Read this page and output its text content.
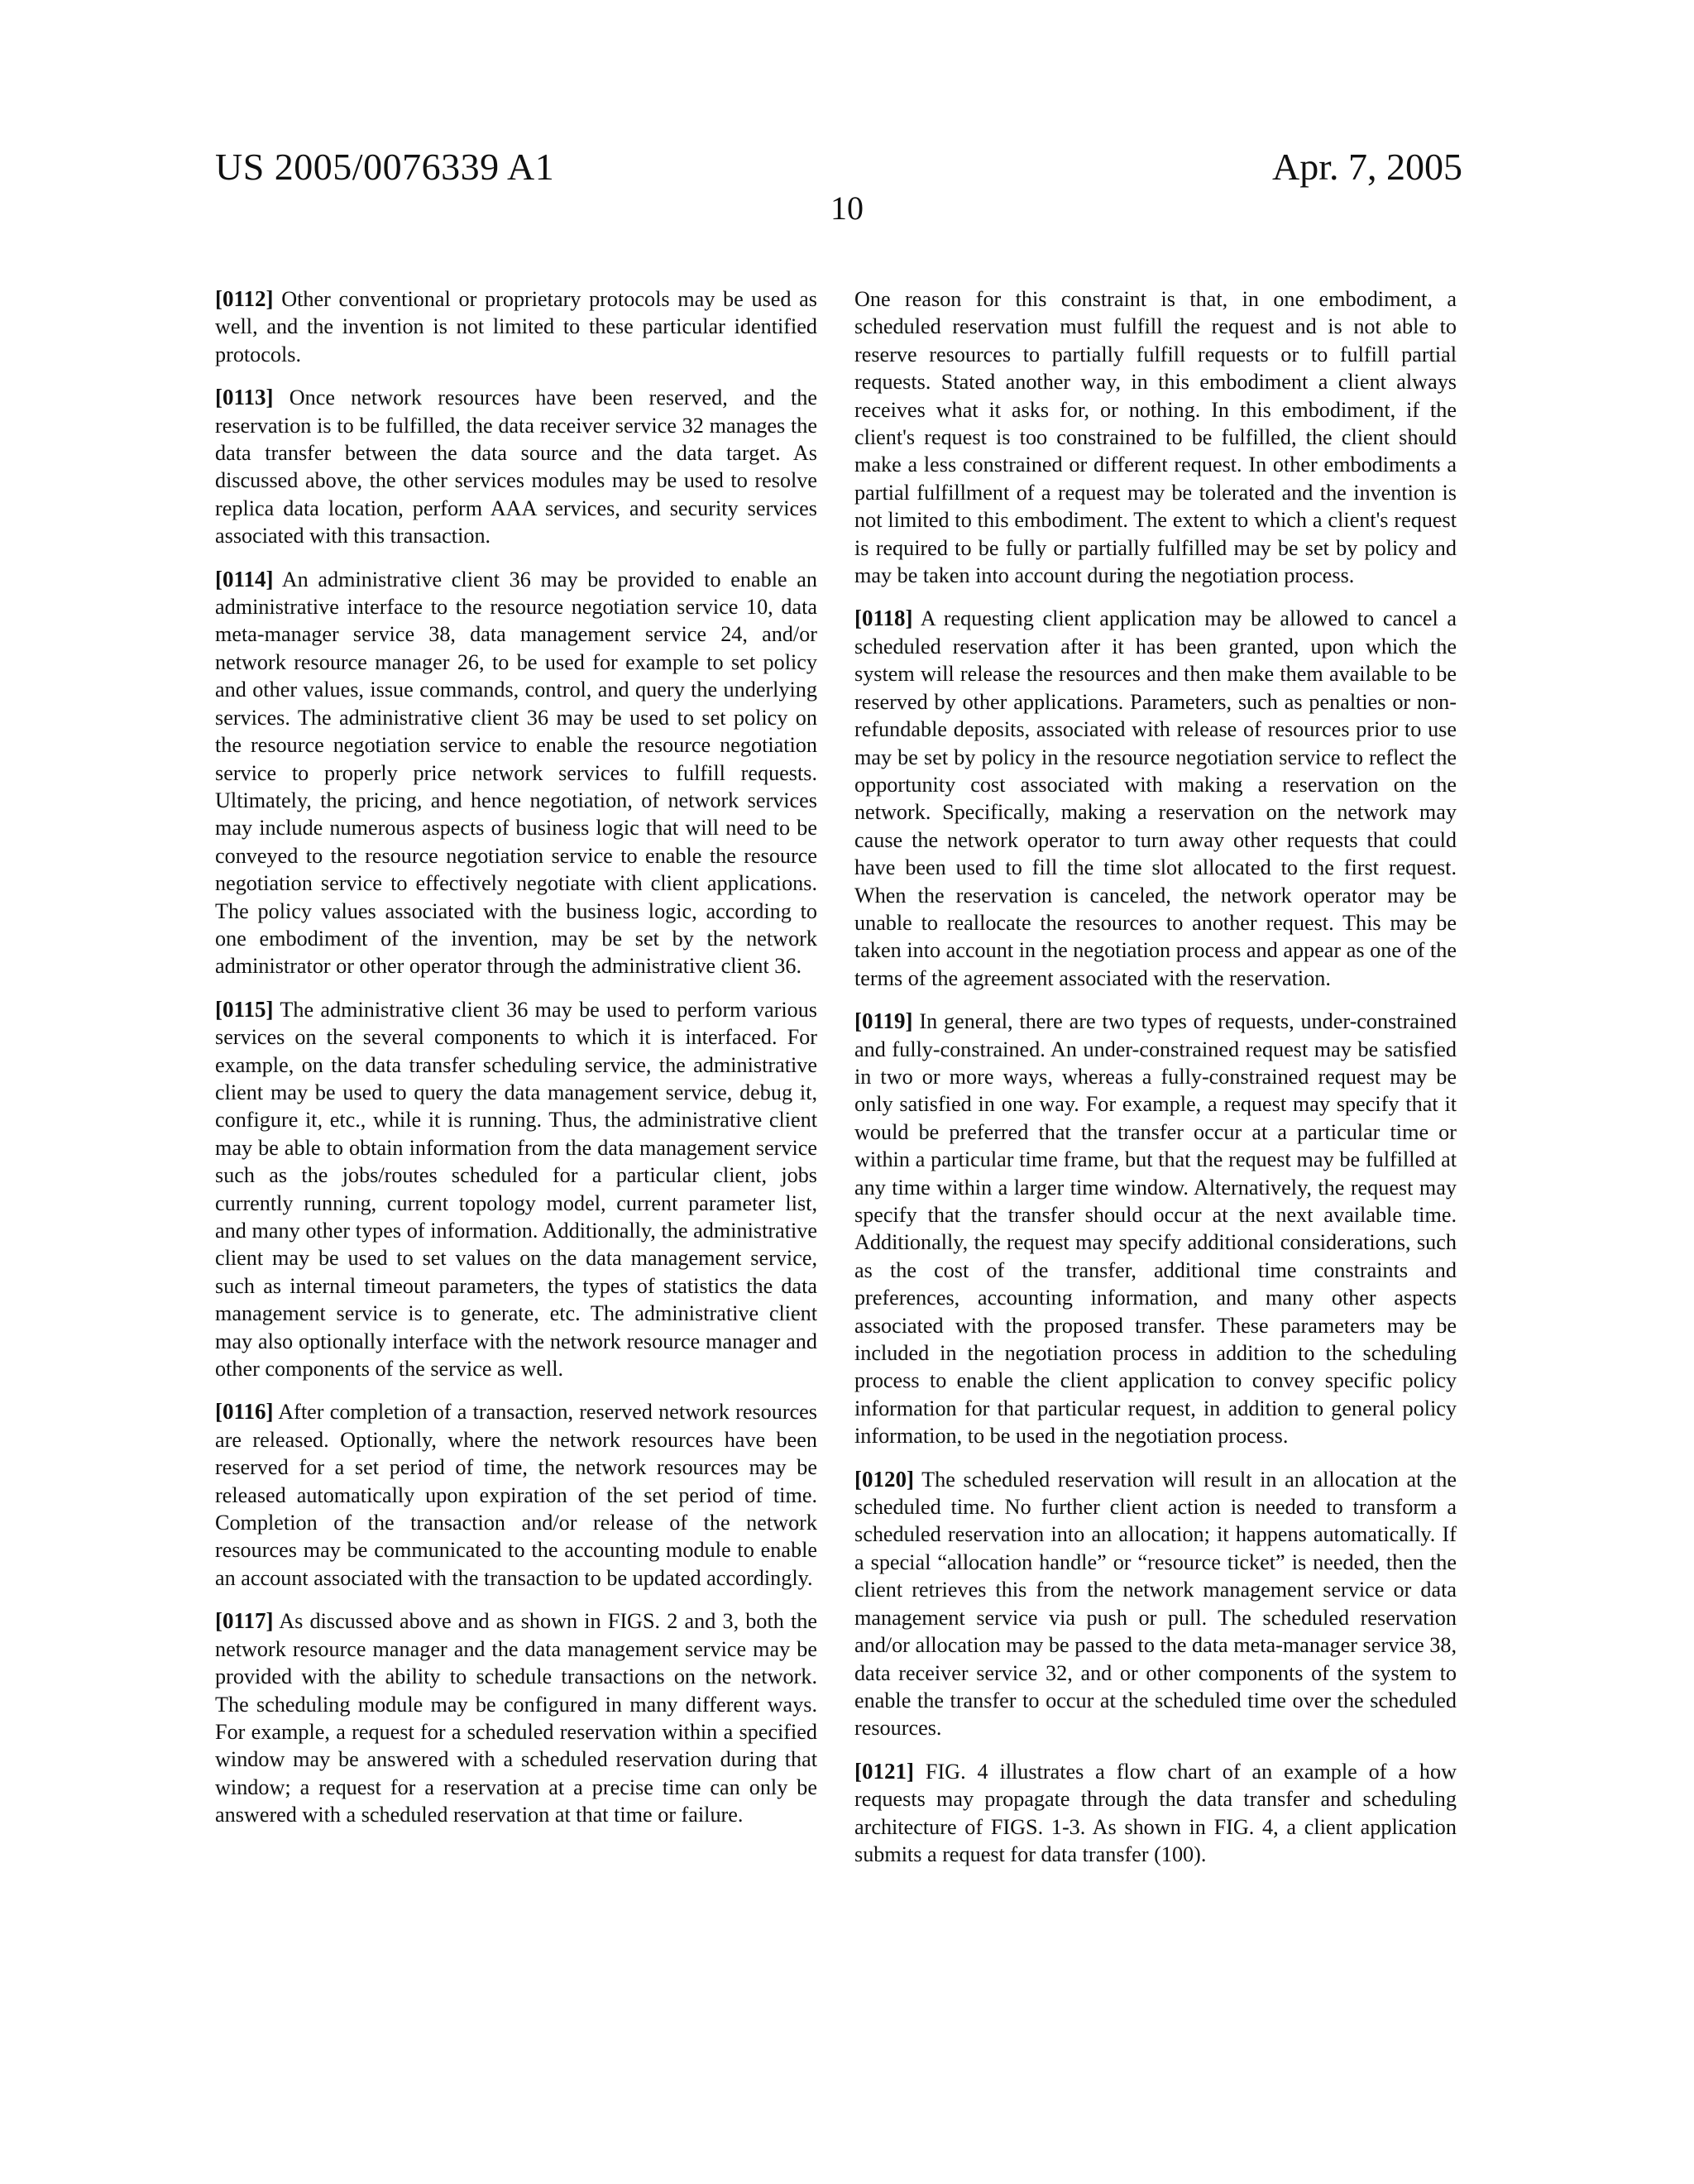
US 2005/0076339 A1	Apr. 7, 2005
10

[0112] Other conventional or proprietary protocols may be used as well, and the invention is not limited to these particular identified protocols.

[0113] Once network resources have been reserved, and the reservation is to be fulfilled, the data receiver service 32 manages the data transfer between the data source and the data target. As discussed above, the other services modules may be used to resolve replica data location, perform AAA services, and security services associated with this transaction.

[0114] An administrative client 36 may be provided to enable an administrative interface to the resource negotiation service 10, data meta-manager service 38, data management service 24, and/or network resource manager 26, to be used for example to set policy and other values, issue commands, control, and query the underlying services. The administrative client 36 may be used to set policy on the resource negotiation service to enable the resource negotiation service to properly price network services to fulfill requests. Ultimately, the pricing, and hence negotiation, of network services may include numerous aspects of business logic that will need to be conveyed to the resource negotiation service to enable the resource negotiation service to effectively negotiate with client applications. The policy values associated with the business logic, according to one embodiment of the invention, may be set by the network administrator or other operator through the administrative client 36.

[0115] The administrative client 36 may be used to perform various services on the several components to which it is interfaced. For example, on the data transfer scheduling service, the administrative client may be used to query the data management service, debug it, configure it, etc., while it is running. Thus, the administrative client may be able to obtain information from the data management service such as the jobs/routes scheduled for a particular client, jobs currently running, current topology model, current parameter list, and many other types of information. Additionally, the administrative client may be used to set values on the data management service, such as internal timeout parameters, the types of statistics the data management service is to generate, etc. The administrative client may also optionally interface with the network resource manager and other components of the service as well.

[0116] After completion of a transaction, reserved network resources are released. Optionally, where the network resources have been reserved for a set period of time, the network resources may be released automatically upon expiration of the set period of time. Completion of the transaction and/or release of the network resources may be communicated to the accounting module to enable an account associated with the transaction to be updated accordingly.

[0117] As discussed above and as shown in FIGS. 2 and 3, both the network resource manager and the data management service may be provided with the ability to schedule transactions on the network. The scheduling module may be configured in many different ways. For example, a request for a scheduled reservation within a specified window may be answered with a scheduled reservation during that window; a request for a reservation at a precise time can only be answered with a scheduled reservation at that time or failure.

One reason for this constraint is that, in one embodiment, a scheduled reservation must fulfill the request and is not able to reserve resources to partially fulfill requests or to fulfill partial requests. Stated another way, in this embodiment a client always receives what it asks for, or nothing. In this embodiment, if the client's request is too constrained to be fulfilled, the client should make a less constrained or different request. In other embodiments a partial fulfillment of a request may be tolerated and the invention is not limited to this embodiment. The extent to which a client's request is required to be fully or partially fulfilled may be set by policy and may be taken into account during the negotiation process.

[0118] A requesting client application may be allowed to cancel a scheduled reservation after it has been granted, upon which the system will release the resources and then make them available to be reserved by other applications. Parameters, such as penalties or non-refundable deposits, associated with release of resources prior to use may be set by policy in the resource negotiation service to reflect the opportunity cost associated with making a reservation on the network. Specifically, making a reservation on the network may cause the network operator to turn away other requests that could have been used to fill the time slot allocated to the first request. When the reservation is canceled, the network operator may be unable to reallocate the resources to another request. This may be taken into account in the negotiation process and appear as one of the terms of the agreement associated with the reservation.

[0119] In general, there are two types of requests, under-constrained and fully-constrained. An under-constrained request may be satisfied in two or more ways, whereas a fully-constrained request may be only satisfied in one way. For example, a request may specify that it would be preferred that the transfer occur at a particular time or within a particular time frame, but that the request may be fulfilled at any time within a larger time window. Alternatively, the request may specify that the transfer should occur at the next available time. Additionally, the request may specify additional considerations, such as the cost of the transfer, additional time constraints and preferences, accounting information, and many other aspects associated with the proposed transfer. These parameters may be included in the negotiation process in addition to the scheduling process to enable the client application to convey specific policy information for that particular request, in addition to general policy information, to be used in the negotiation process.

[0120] The scheduled reservation will result in an allocation at the scheduled time. No further client action is needed to transform a scheduled reservation into an allocation; it happens automatically. If a special “allocation handle” or “resource ticket” is needed, then the client retrieves this from the network management service or data management service via push or pull. The scheduled reservation and/or allocation may be passed to the data meta-manager service 38, data receiver service 32, and or other components of the system to enable the transfer to occur at the scheduled time over the scheduled resources.

[0121] FIG. 4 illustrates a flow chart of an example of a how requests may propagate through the data transfer and scheduling architecture of FIGS. 1-3. As shown in FIG. 4, a client application submits a request for data transfer (100).
